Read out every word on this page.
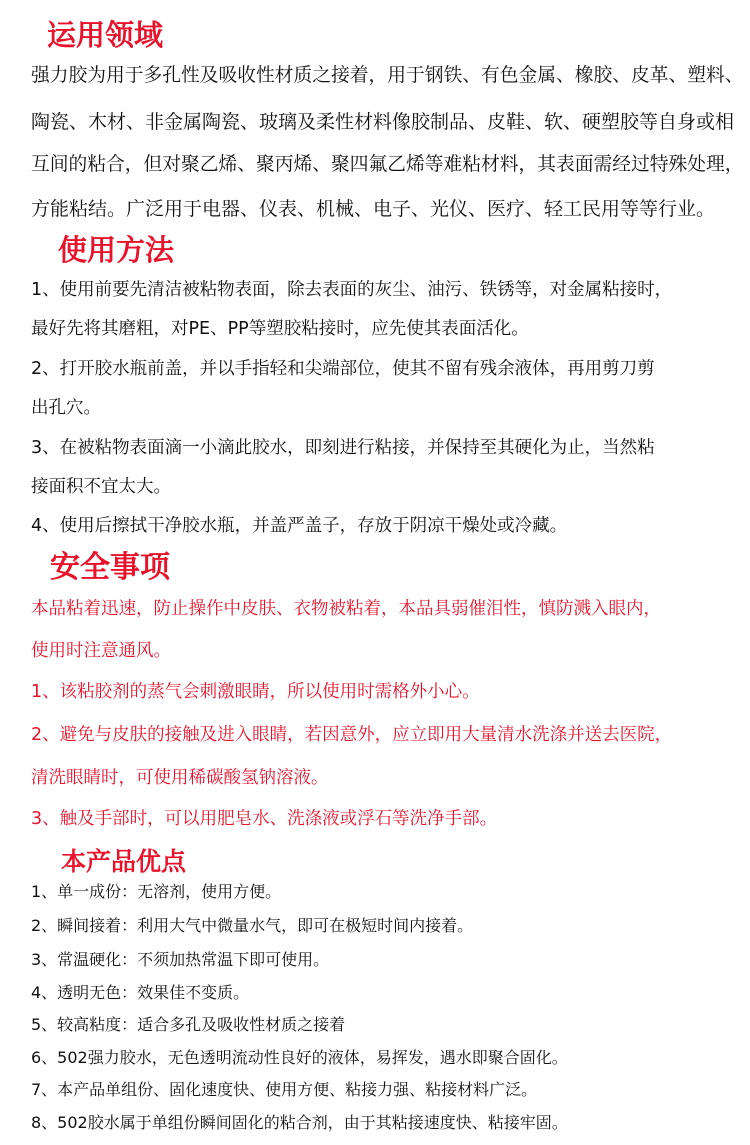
运用领域

强力胶为用于多孔性及吸收性材质之接着，用于钢铁、有色金属、橡胶、皮革、塑料、

陶瓷、木材、非金属陶瓷、玻璃及柔性材料像胶制品、皮鞋、软、硬塑胶等自身或相

互间的粘合，但对聚乙烯、聚丙烯、聚四氟乙烯等难粘材料，其表面需经过特殊处理，

方能粘结。广泛用于电器、仪表、机械、电子、光仪、医疗、轻工民用等等行业。

使用方法

1、使用前要先清洁被粘物表面，除去表面的灰尘、油污、铁锈等，对金属粘接时，

最好先将其磨粗，对PE、PP等塑胶粘接时，应先使其表面活化。

2、打开胶水瓶前盖，并以手指轻和尖端部位，使其不留有残余液体，再用剪刀剪

出孔穴。

3、在被粘物表面滴一小滴此胶水，即刻进行粘接，并保持至其硬化为止，当然粘

接面积不宜太大。

4、使用后擦拭干净胶水瓶，并盖严盖子，存放于阴凉干燥处或冷藏。

安全事项

本品粘着迅速，防止操作中皮肤、衣物被粘着，本品具弱催泪性，慎防溅入眼内，

使用时注意通风。

1、该粘胶剂的蒸气会刺激眼睛，所以使用时需格外小心。

2、避免与皮肤的接触及进入眼睛，若因意外，应立即用大量清水洗涤并送去医院，

清洗眼睛时，可使用稀碳酸氢钠溶液。

3、触及手部时，可以用肥皂水、洗涤液或浮石等洗净手部。

本产品优点

1、单一成份：无溶剂，使用方便。

2、瞬间接着：利用大气中微量水气，即可在极短时间内接着。

3、常温硬化：不须加热常温下即可使用。

4、透明无色：效果佳不变质。

5、较高粘度：适合多孔及吸收性材质之接着

6、502强力胶水，无色透明流动性良好的液体，易挥发，遇水即聚合固化。

7、本产品单组份、固化速度快、使用方便、粘接力强、粘接材料广泛。

8、502胶水属于单组份瞬间固化的粘合剂，由于其粘接速度快、粘接牢固。
